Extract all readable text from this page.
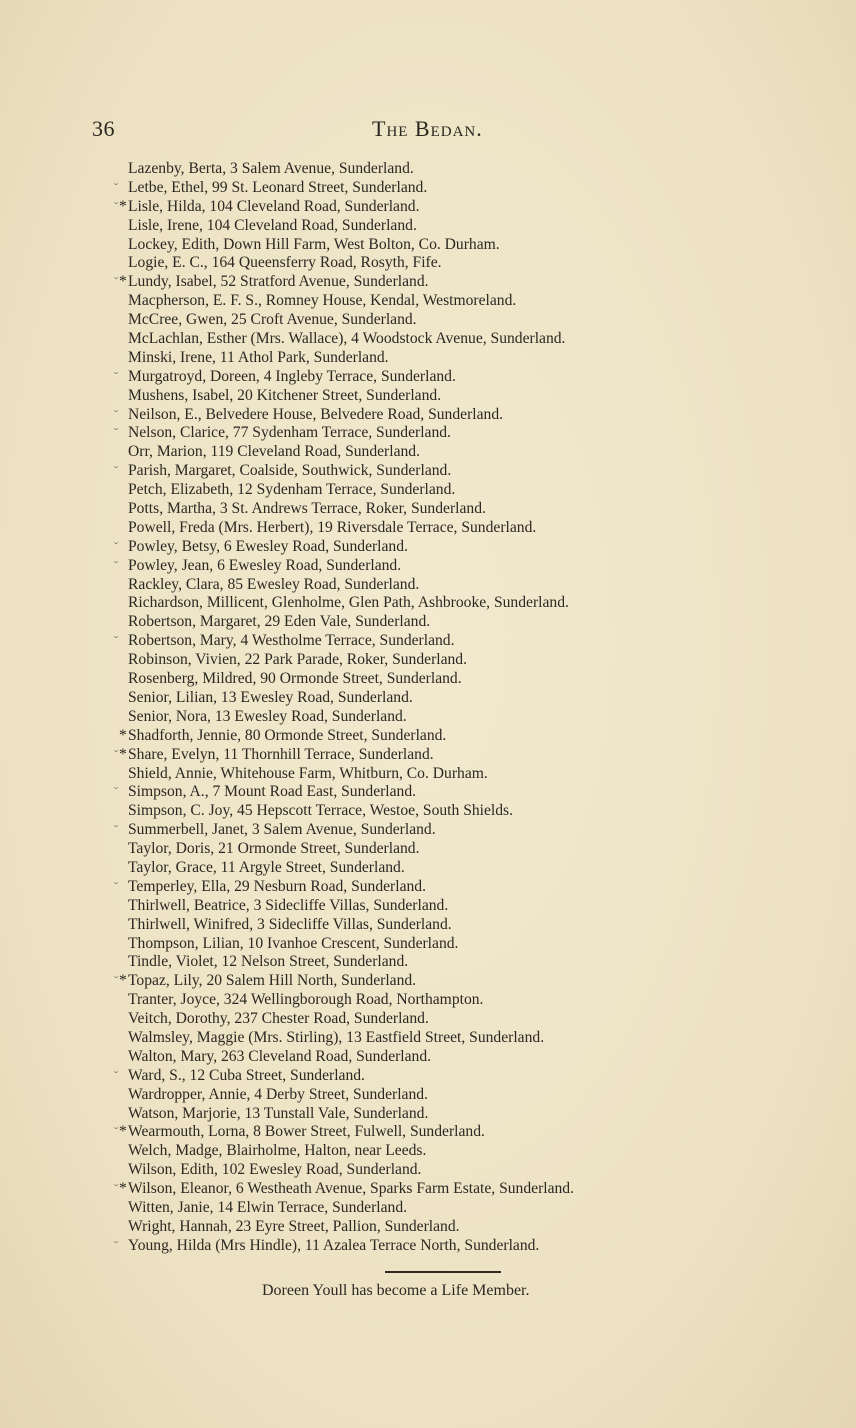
36	The Bedan.
Lazenby, Berta, 3 Salem Avenue, Sunderland.
ˇ Letbe, Ethel, 99 St. Leonard Street, Sunderland.
ˇ * Lisle, Hilda, 104 Cleveland Road, Sunderland.
Lisle, Irene, 104 Cleveland Road, Sunderland.
Lockey, Edith, Down Hill Farm, West Bolton, Co. Durham.
Logie, E. C., 164 Queensferry Road, Rosyth, Fife.
ˇ * Lundy, Isabel, 52 Stratford Avenue, Sunderland.
Macpherson, E. F. S., Romney House, Kendal, Westmoreland.
McCree, Gwen, 25 Croft Avenue, Sunderland.
McLachlan, Esther (Mrs. Wallace), 4 Woodstock Avenue, Sunderland.
Minski, Irene, 11 Athol Park, Sunderland.
ˇ Murgatroyd, Doreen, 4 Ingleby Terrace, Sunderland.
Mushens, Isabel, 20 Kitchener Street, Sunderland.
ˇ Neilson, E., Belvedere House, Belvedere Road, Sunderland.
ˇ Nelson, Clarice, 77 Sydenham Terrace, Sunderland.
Orr, Marion, 119 Cleveland Road, Sunderland.
ˇ Parish, Margaret, Coalside, Southwick, Sunderland.
Petch, Elizabeth, 12 Sydenham Terrace, Sunderland.
Potts, Martha, 3 St. Andrews Terrace, Roker, Sunderland.
Powell, Freda (Mrs. Herbert), 19 Riversdale Terrace, Sunderland.
ˇ Powley, Betsy, 6 Ewesley Road, Sunderland.
ˇ Powley, Jean, 6 Ewesley Road, Sunderland.
Rackley, Clara, 85 Ewesley Road, Sunderland.
Richardson, Millicent, Glenholme, Glen Path, Ashbrooke, Sunderland.
Robertson, Margaret, 29 Eden Vale, Sunderland.
ˇ Robertson, Mary, 4 Westholme Terrace, Sunderland.
Robinson, Vivien, 22 Park Parade, Roker, Sunderland.
Rosenberg, Mildred, 90 Ormonde Street, Sunderland.
Senior, Lilian, 13 Ewesley Road, Sunderland.
Senior, Nora, 13 Ewesley Road, Sunderland.
* Shadforth, Jennie, 80 Ormonde Street, Sunderland.
ˇ * Share, Evelyn, 11 Thornhill Terrace, Sunderland.
Shield, Annie, Whitehouse Farm, Whitburn, Co. Durham.
ˇ Simpson, A., 7 Mount Road East, Sunderland.
Simpson, C. Joy, 45 Hepscott Terrace, Westoe, South Shields.
ˇ Summerbell, Janet, 3 Salem Avenue, Sunderland.
Taylor, Doris, 21 Ormonde Street, Sunderland.
Taylor, Grace, 11 Argyle Street, Sunderland.
ˇ Temperley, Ella, 29 Nesburn Road, Sunderland.
Thirlwell, Beatrice, 3 Sidecliffe Villas, Sunderland.
Thirlwell, Winifred, 3 Sidecliffe Villas, Sunderland.
Thompson, Lilian, 10 Ivanhoe Crescent, Sunderland.
Tindle, Violet, 12 Nelson Street, Sunderland.
ˇ * Topaz, Lily, 20 Salem Hill North, Sunderland.
Tranter, Joyce, 324 Wellingborough Road, Northampton.
Veitch, Dorothy, 237 Chester Road, Sunderland.
Walmsley, Maggie (Mrs. Stirling), 13 Eastfield Street, Sunderland.
Walton, Mary, 263 Cleveland Road, Sunderland.
ˇ Ward, S., 12 Cuba Street, Sunderland.
Wardropper, Annie, 4 Derby Street, Sunderland.
Watson, Marjorie, 13 Tunstall Vale, Sunderland.
ˇ * Wearmouth, Lorna, 8 Bower Street, Fulwell, Sunderland.
Welch, Madge, Blairholme, Halton, near Leeds.
Wilson, Edith, 102 Ewesley Road, Sunderland.
ˇ * Wilson, Eleanor, 6 Westheath Avenue, Sparks Farm Estate, Sunderland.
Witten, Janie, 14 Elwin Terrace, Sunderland.
Wright, Hannah, 23 Eyre Street, Pallion, Sunderland.
ˇ Young, Hilda (Mrs Hindle), 11 Azalea Terrace North, Sunderland.
Doreen Youll has become a Life Member.
